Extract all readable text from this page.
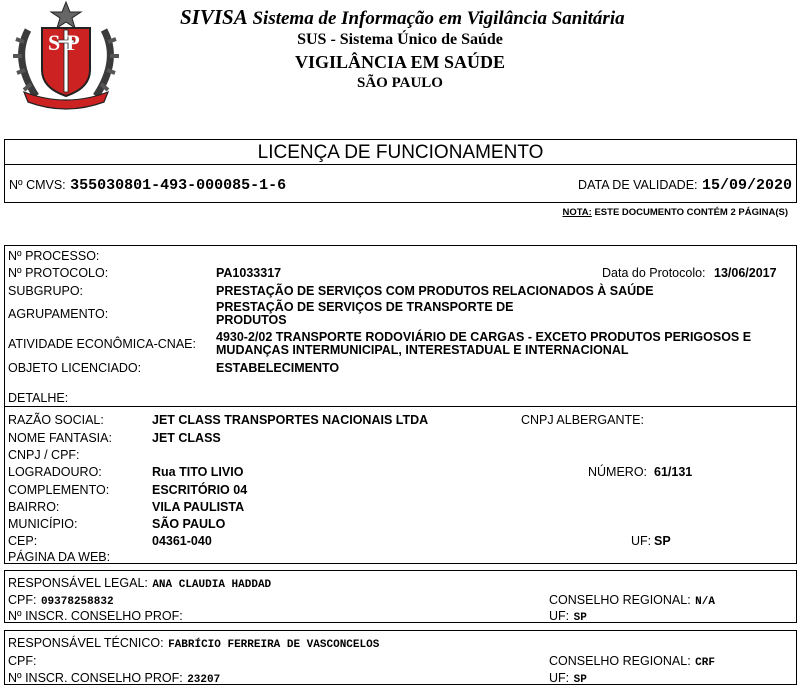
SP
SIVISA Sistema de Informação em Vigilância Sanitária
SUS - Sistema Único de Saúde
VIGILÂNCIA EM SAÚDE
SÃO PAULO
LICENÇA DE FUNCIONAMENTO
Nº CMVS: 355030801-493-000085-1-6	DATA DE VALIDADE: 15/09/2020
NOTA: ESTE DOCUMENTO CONTÉM 2 PÁGINA(S)
Nº PROCESSO:
Nº PROTOCOLO:	PA1033317	Data do Protocolo: 13/06/2017
SUBGRUPO:	PRESTAÇÃO DE SERVIÇOS COM PRODUTOS RELACIONADOS À SAÚDE
AGRUPAMENTO:	PRESTAÇÃO DE SERVIÇOS DE TRANSPORTE DE
PRODUTOS
ATIVIDADE ECONÔMICA-CNAE: 4930-2/02 TRANSPORTE RODOVIÁRIO DE CARGAS - EXCETO PRODUTOS PERIGOSOS E
MUDANÇAS INTERMUNICIPAL, INTERESTADUAL E INTERNACIONAL
OBJETO LICENCIADO:	ESTABELECIMENTO
DETALHE:
RAZÃO SOCIAL:	JET CLASS TRANSPORTES NACIONAIS LTDA	CNPJ ALBERGANTE:
NOME FANTASIA:	JET CLASS
CNPJ / CPF:
LOGRADOURO:	Rua TITO LIVIO	NÚMERO: 61/131
COMPLEMENTO:	ESCRITÓRIO 04
BAIRRO:	VILA PAULISTA
MUNICÍPIO:	SÃO PAULO
CEP:	04361-040	UF: SP
PÁGINA DA WEB:
RESPONSÁVEL LEGAL: ANA CLAUDIA HADDAD
CPF: 09378258832	CONSELHO REGIONAL: N/A
Nº INSCR. CONSELHO PROF:	UF: SP
RESPONSÁVEL TÉCNICO: FABRÍCIO FERREIRA DE VASCONCELOS
CPF:	CONSELHO REGIONAL: CRF
Nº INSCR. CONSELHO PROF: 23207	UF: SP
